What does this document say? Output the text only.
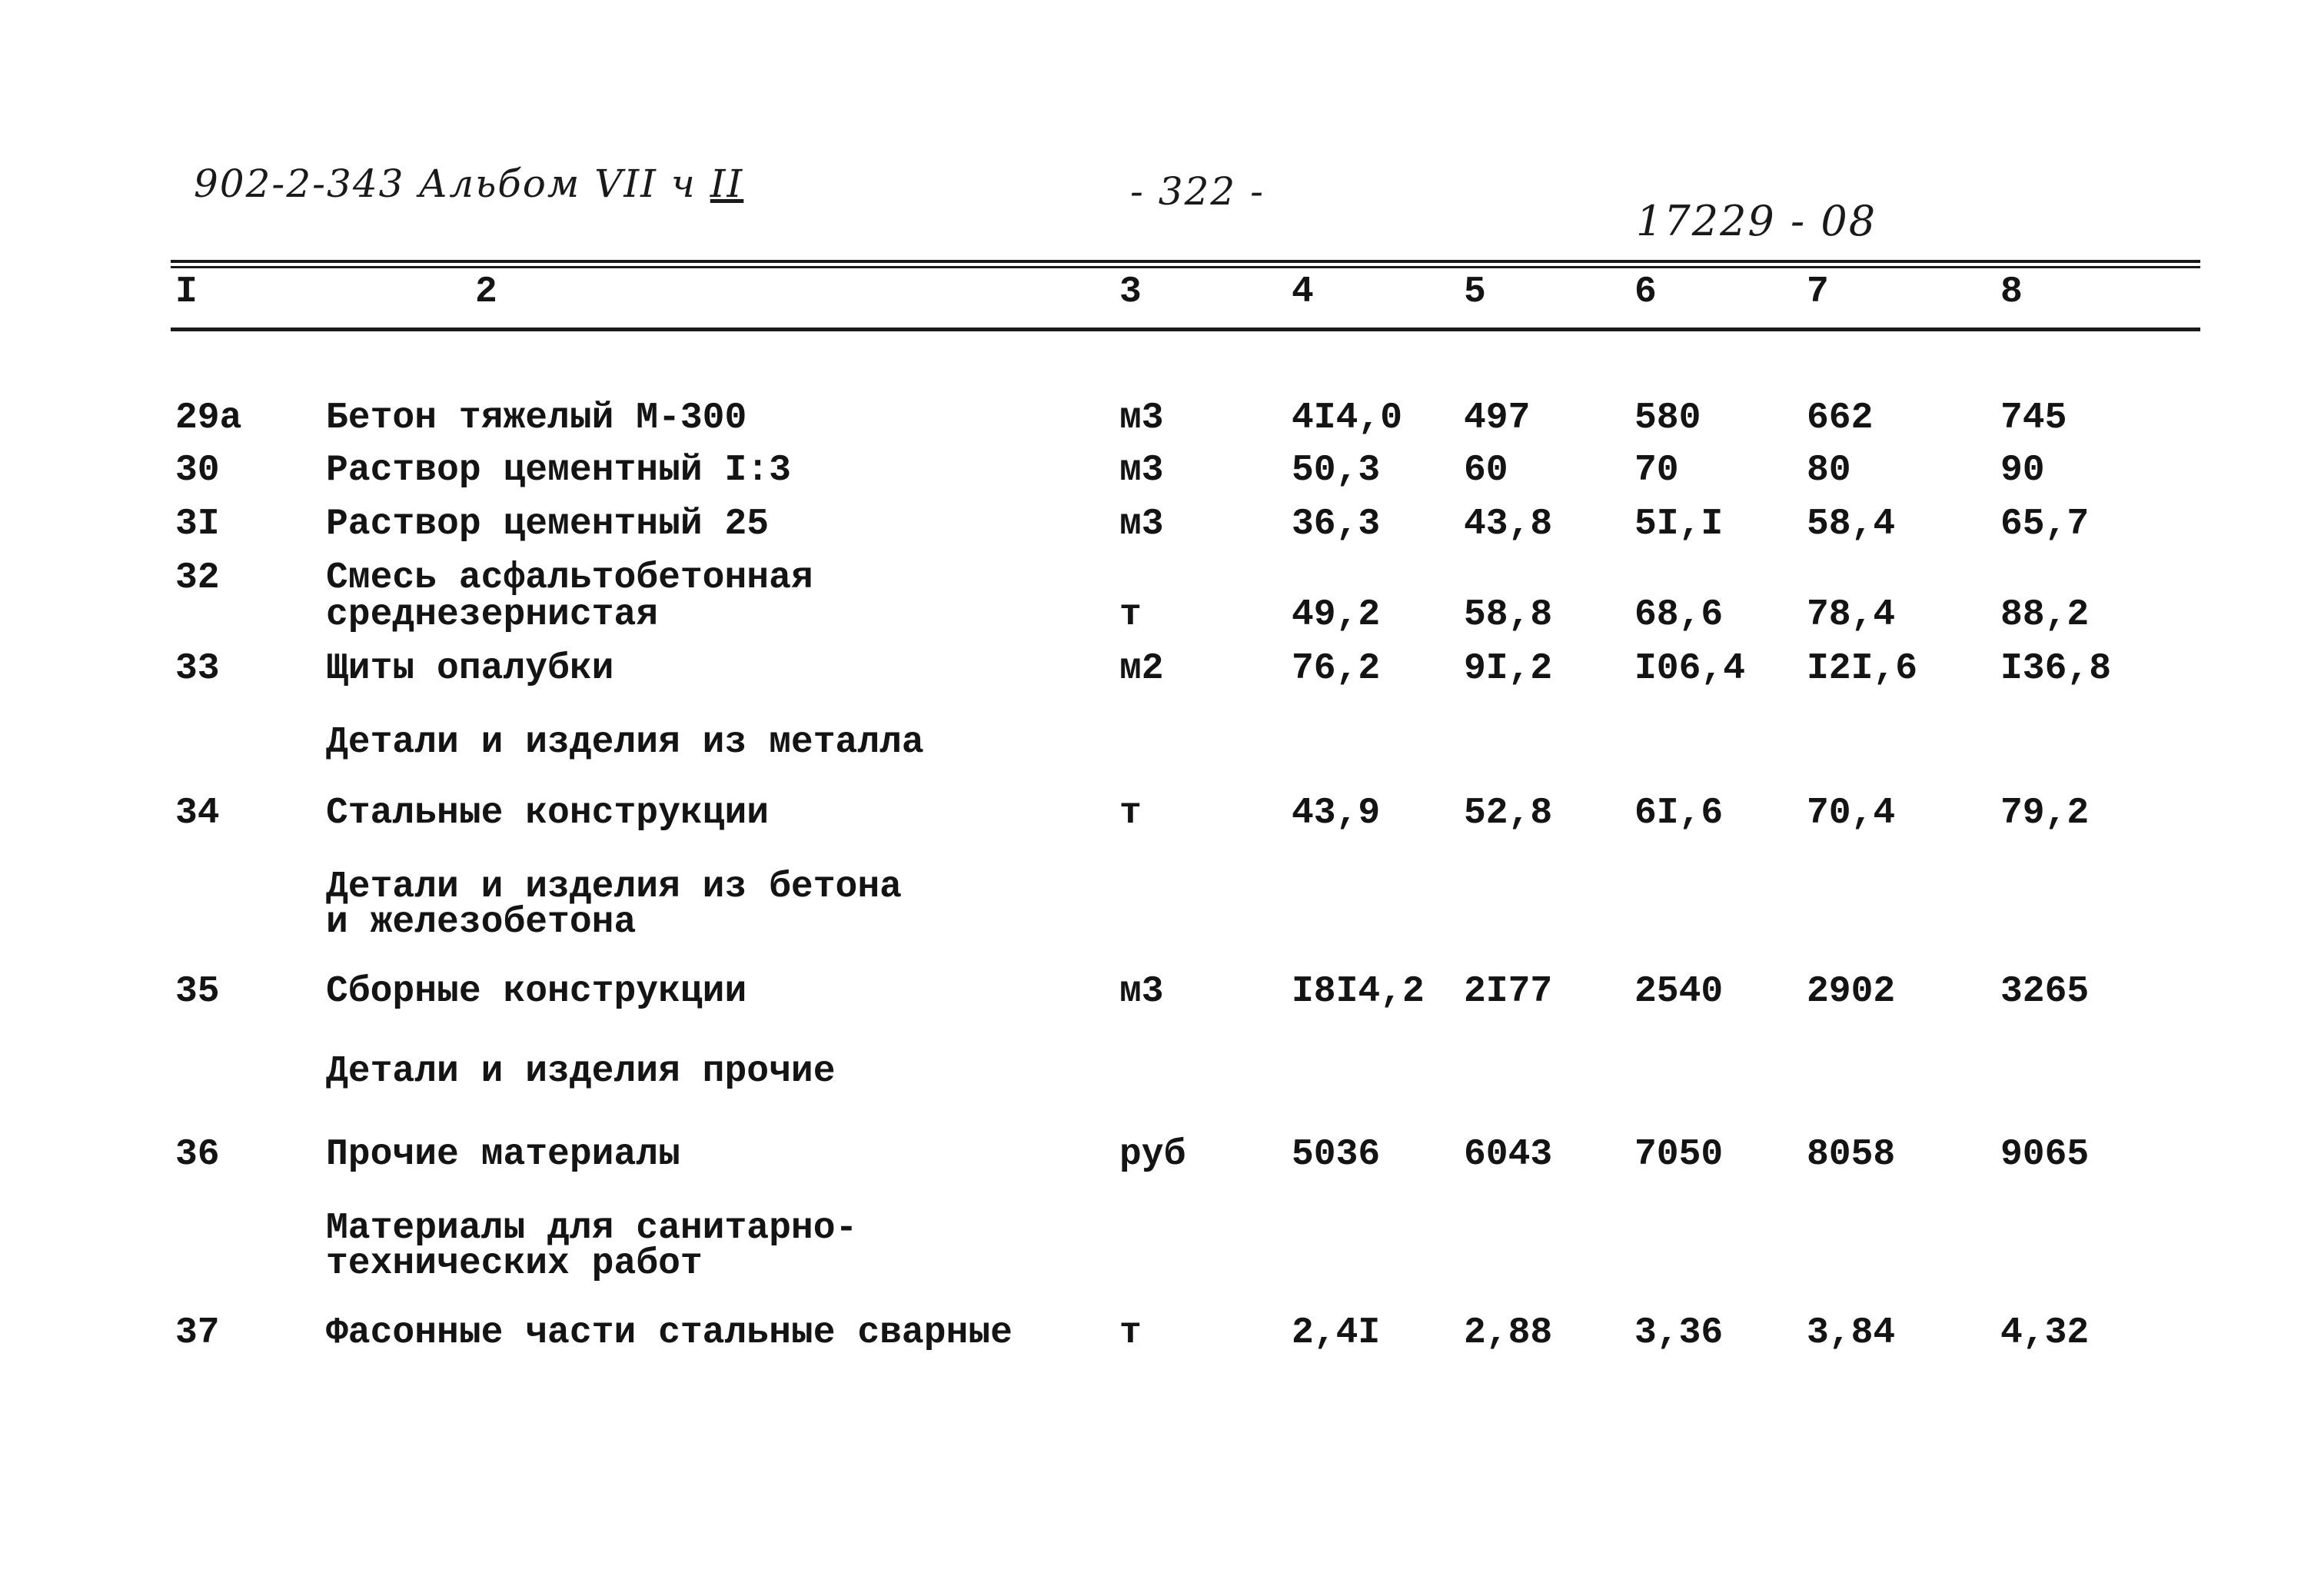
902-2-343 Альбом VII ч II	- 322 -
17229 - 08
I	2	3	4	5	6	7	8
29а Бетон тяжелый М-300	м3	4I4,0 497	580	662	745
30	Раствор цементный I:3	м3	50,3 60	70	80	90
3I	Раствор цементный 25	м3	36,3 43,8 5I,I 58,4	65,7
32	Смесь асфальтобетонная
среднезернистая	т	49,2 58,8 68,6 78,4	88,2
33	Щиты опалубки	м2	76,2 9I,2 I06,4 I2I,6 I36,8
Детали и изделия из металла
34	Стальные конструкции	т	43,9 52,8 6I,6 70,4	79,2
Детали и изделия из бетона
и железобетона
35	Сборные конструкции	м3	I8I4,2 2I77 2540 2902	3265
Детали и изделия прочие
36	Прочие материалы	руб	5036 6043 7050 8058	9065
Материалы для санитарно-
технических работ
37	Фасонные части стальные сварные	т	2,4I 2,88 3,36 3,84	4,32
